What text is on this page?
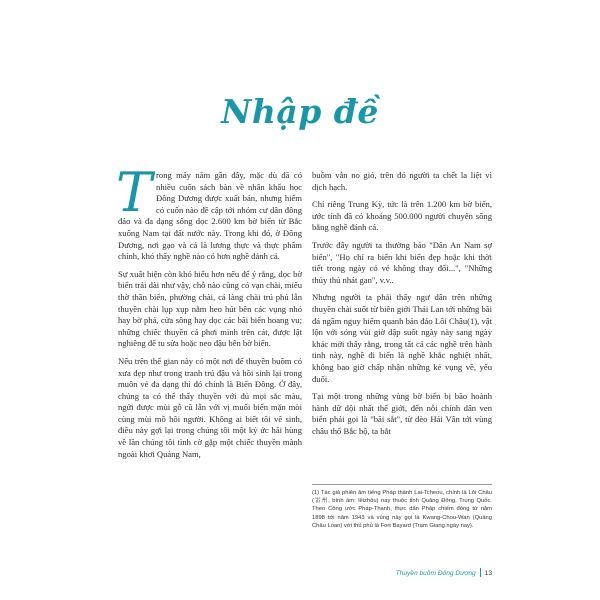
Nhập đề

Trong mấy năm gần đây, mặc dù đã có nhiều cuốn sách bàn về nhân khẩu học Đông Dương được xuất bản, nhưng hiếm có cuốn nào đề cập tới nhóm cư dân đông đảo và đa dạng sống dọc 2.600 km bờ biển từ Bắc xuống Nam tại đất nước này. Trong khi đó, ở Đông Dương, nơi gạo và cá là lương thực và thực phẩm chính, khó thấy nghề nào có hơn nghề đánh cá.

Sự xuất hiện còn khó hiểu hơn nếu để ý rằng, dọc bờ biển trải dài như vậy, chỗ nào cũng có vạn chài, miếu thờ thần biển, phường chài, cả làng chài trú phủ lẫn thuyền chài lụp xụp nằm heo hút bên các vụng nhỏ hay bờ phá, cửa sông hay dọc các bãi biển hoang vu; những chiếc thuyền cá phơi mình trên cát, được lật nghiêng để tu sửa hoặc neo đậu bên bờ biển.

Nếu trên thế gian này có một nơi để thuyền buồm có xưa đẹp như trong tranh trú đậu và hồi sinh lại trong muôn vẻ đa dạng thì đó chính là Biển Đông. Ở đây, chúng ta có thể thấy thuyền với đủ mọi sắc màu, ngửi được mùi gỗ cũ lẫn với vị muối biển mặn mòi cùng mùi mồ hôi người. Không ai biết tôi vẽ sinh, điều này gợi lại trong chúng tôi một ký ức hãi hùng về lần chúng tôi tình cờ gặp một chiếc thuyền mành ngoài khơi Quảng Nam,

buồm vẫn no gió, trên đó người ta chết la liệt vì dịch hạch.

Chỉ riêng Trung Kỳ, tức là trên 1.200 km bờ biển, ước tính đã có khoảng 500.000 người chuyên sống bằng nghề đánh cá.

Trước đây người ta thường bảo "Dân An Nam sợ biển", "Họ chỉ ra biển khi biển đẹp hoặc khi thời tiết trong ngày có vẻ không thay đổi...", "Những thủy thủ nhát gan", v.v..

Nhưng người ta phải thấy ngư dân trên những thuyền chài suốt từ biên giới Thái Lan tới những bãi đá ngầm nguy hiểm quanh bán đảo Lôi Châu(1), vật lộn với sóng vùi giờ dập suốt ngày này sang ngày khác mới thấy rằng, trong tất cả các nghề trên hành tinh này, nghề đi biển là nghề khắc nghiệt nhất, không bao giờ chấp nhận những kẻ vụng về, yếu đuối.

Tại một trong những vùng bờ biển bị bão hoành hành dữ dội nhất thế giới, đến nỗi chính dân ven biển phải gọi là "bãi sắt", từ đèo Hải Vân tới vùng châu thổ Bắc bộ, ta bắt

(1) Tác giả phiên âm tiếng Pháp thành Lai-Tcheou, chính là Lôi Châu (雷州, bính âm: lěizhōu) nay thuộc tỉnh Quảng Đông, Trung Quốc. Theo Công ước Pháp-Thanh, thực dân Pháp chiếm đóng từ năm 1898 tới năm 1943 và vùng này gọi là Kwang-Chou-Wan (Quảng Châu Loan) với thủ phủ là Fort Bayard (Trạm Giang ngày nay).
Thuyền buồm Đông Dương 13
